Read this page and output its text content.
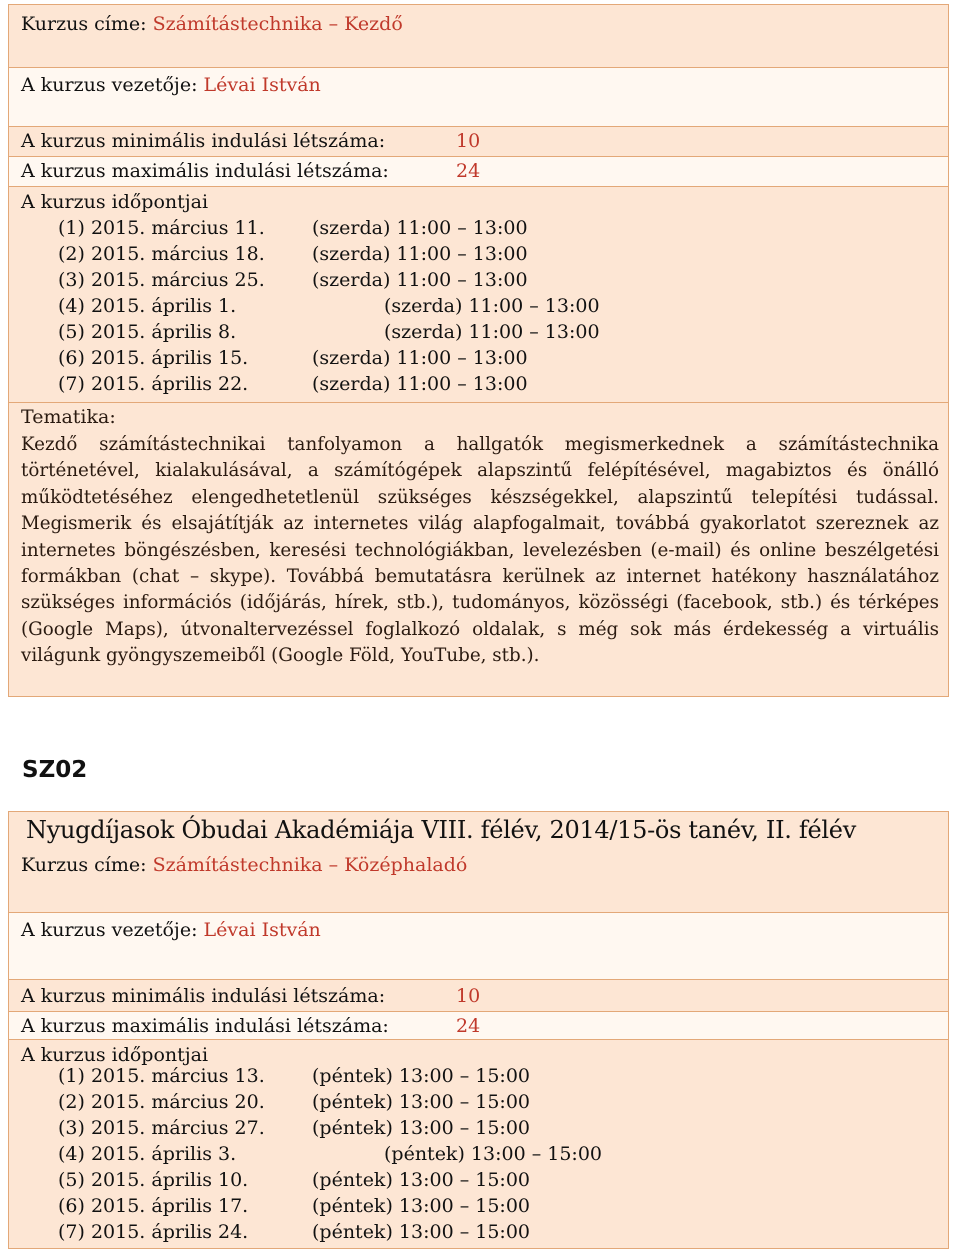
Kurzus címe: Számítástechnika – Kezdő
A kurzus vezetője: Lévai István
A kurzus minimális indulási létszáma:	10
A kurzus maximális indulási létszáma:	24
A kurzus időpontjai
(1) 2015. március 11. (szerda) 11:00 – 13:00
(2) 2015. március 18. (szerda) 11:00 – 13:00
(3) 2015. március 25. (szerda) 11:00 – 13:00
(4) 2015. április 1.	(szerda) 11:00 – 13:00
(5) 2015. április 8.	(szerda) 11:00 – 13:00
(6) 2015. április 15.	(szerda) 11:00 – 13:00
(7) 2015. április 22.	(szerda) 11:00 – 13:00
Tematika:
Kezdő számítástechnikai tanfolyamon a hallgatók megismerkednek a számítástechnika történetével, kialakulásával, a számítógépek alapszintű felépítésével, magabiztos és önálló működtetéséhez elengedhetetlenül szükséges készségekkel, alapszintű telepítési tudással. Megismerik és elsajátítják az internetes világ alapfogalmait, továbbá gyakorlatot szereznek az internetes böngészésben, keresési technológiákban, levelezésben (e-mail) és online beszélgetési formákban (chat – skype). Továbbá bemutatásra kerülnek az internet hatékony használatához szükséges információs (időjárás, hírek, stb.), tudományos, közösségi (facebook, stb.) és térképes (Google Maps), útvonaltervezéssel foglalkozó oldalak, s még sok más érdekesség a virtuális világunk gyöngyszemeiből (Google Föld, YouTube, stb.).
SZ02
Kurzus címe: Számítástechnika – Középhaladó
A kurzus vezetője: Lévai István
A kurzus minimális indulási létszáma:	10
A kurzus maximális indulási létszáma:	24
A kurzus időpontjai
(1) 2015. március 13. (péntek) 13:00 – 15:00
(2) 2015. március 20. (péntek) 13:00 – 15:00
(3) 2015. március 27. (péntek) 13:00 – 15:00
(4) 2015. április 3.	(péntek) 13:00 – 15:00
(5) 2015. április 10.	(péntek) 13:00 – 15:00
(6) 2015. április 17.	(péntek) 13:00 – 15:00
(7) 2015. április 24.	(péntek) 13:00 – 15:00
Nyugdíjasok Óbudai Akadémiája VIII. félév, 2014/15-ös tanév, II. félév
